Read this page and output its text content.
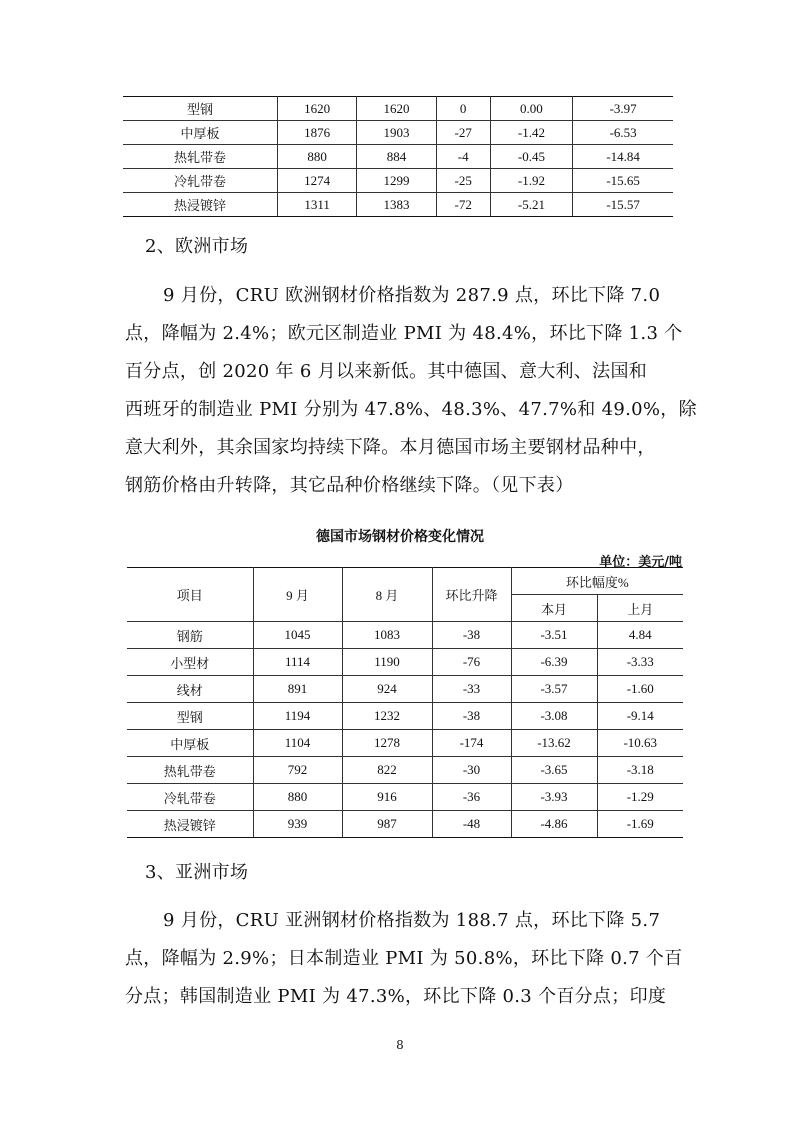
型钢	1620	1620	0	0.00	-3.97
中厚板	1876	1903	-27	-1.42	-6.53
热轧带卷	880	884	-4	-0.45	-14.84
冷轧带卷	1274	1299	-25	-1.92	-15.65
热浸镀锌	1311	1383	-72	-5.21	-15.57
2、欧洲市场
9 月份，CRU 欧洲钢材价格指数为 287.9 点，环比下降 7.0
点，降幅为 2.4%；欧元区制造业 PMI 为 48.4%，环比下降 1.3 个
百分点，创 2020 年 6 月以来新低。其中德国、意大利、法国和
西班牙的制造业 PMI 分别为 47.8%、48.3%、47.7%和 49.0%，除
意大利外，其余国家均持续下降。本月德国市场主要钢材品种中，
钢筋价格由升转降，其它品种价格继续下降。（见下表）
德国市场钢材价格变化情况
单位：美元/吨
项目	9 月	8 月	环比升降	环比幅度%	
				本月	上月
钢筋	1045	1083	-38	-3.51	4.84
小型材	1114	1190	-76	-6.39	-3.33
线材	891	924	-33	-3.57	-1.60
型钢	1194	1232	-38	-3.08	-9.14
中厚板	1104	1278	-174	-13.62	-10.63
热轧带卷	792	822	-30	-3.65	-3.18
冷轧带卷	880	916	-36	-3.93	-1.29
热浸镀锌	939	987	-48	-4.86	-1.69
3、亚洲市场
9 月份，CRU 亚洲钢材价格指数为 188.7 点，环比下降 5.7
点，降幅为 2.9%；日本制造业 PMI 为 50.8%，环比下降 0.7 个百
分点；韩国制造业 PMI 为 47.3%，环比下降 0.3 个百分点；印度
8
